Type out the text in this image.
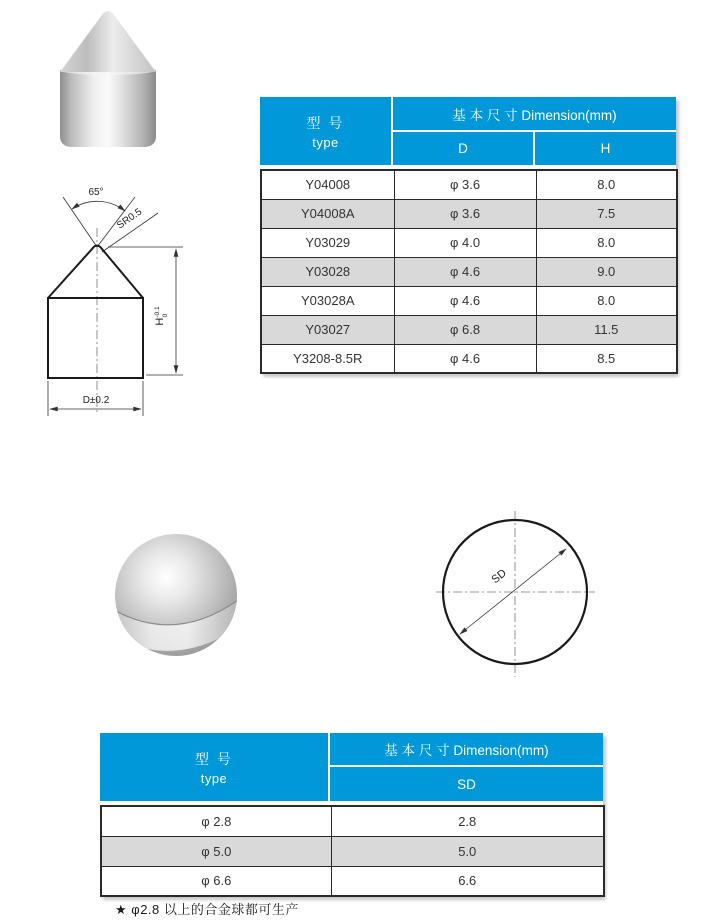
65°
SR0.5
$H^{-0.1}0$
D±0.2
型 号
type
基 本 尺 寸 Dimension(mm)
D	H
Y04008	φ 3.6	8.0
Y04008A	φ 3.6	7.5
Y03029	φ 4.0	8.0
Y03028	φ 4.6	9.0
Y03028A	φ 4.6	8.0
Y03027	φ 6.8	11.5
Y3208-8.5R	φ 4.6	8.5
SD
型 号
type
基 本 尺 寸 Dimension(mm)
SD
φ 2.8	2.8
φ 5.0	5.0
φ 6.6	6.6
★ φ2.8 以上的合金球都可生产
